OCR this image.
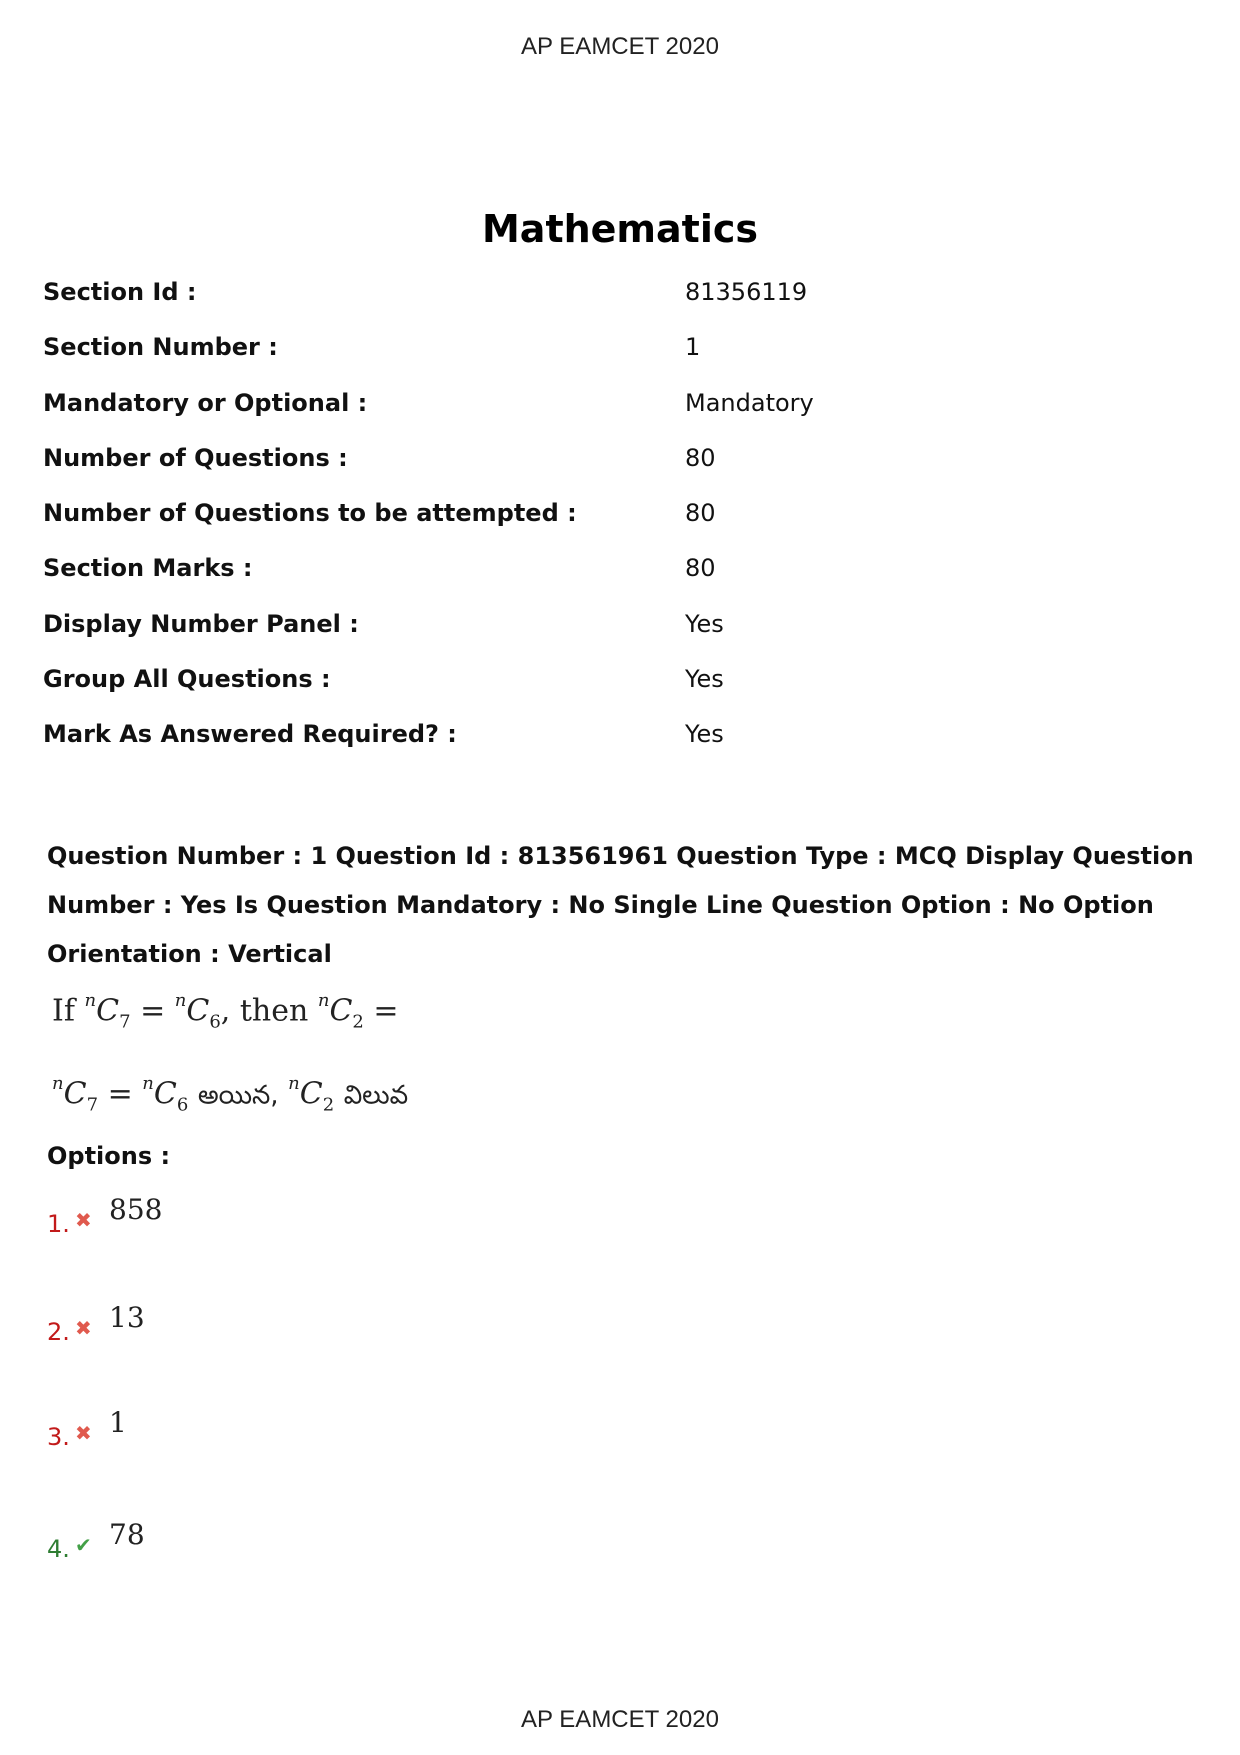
AP EAMCET 2020
Mathematics
Section Id :	81356119
Section Number :	1
Mandatory or Optional :	Mandatory
Number of Questions :	80
Number of Questions to be attempted :	80
Section Marks :	80
Display Number Panel :	Yes
Group All Questions :	Yes
Mark As Answered Required? :	Yes
Question Number : 1 Question Id : 813561961 Question Type : MCQ Display Question Number : Yes Is Question Mandatory : No Single Line Question Option : No Option Orientation : Vertical
If $^nC_7 = ^nC_6$, then $^nC_2$ =
$^nC_7 = ^nC_6$ అయిన, $^nC_2$ విలువ
Options :
1. ✖ 858
2. ✖ 13
3. ✖ 1
4. ✔ 78
AP EAMCET 2020
